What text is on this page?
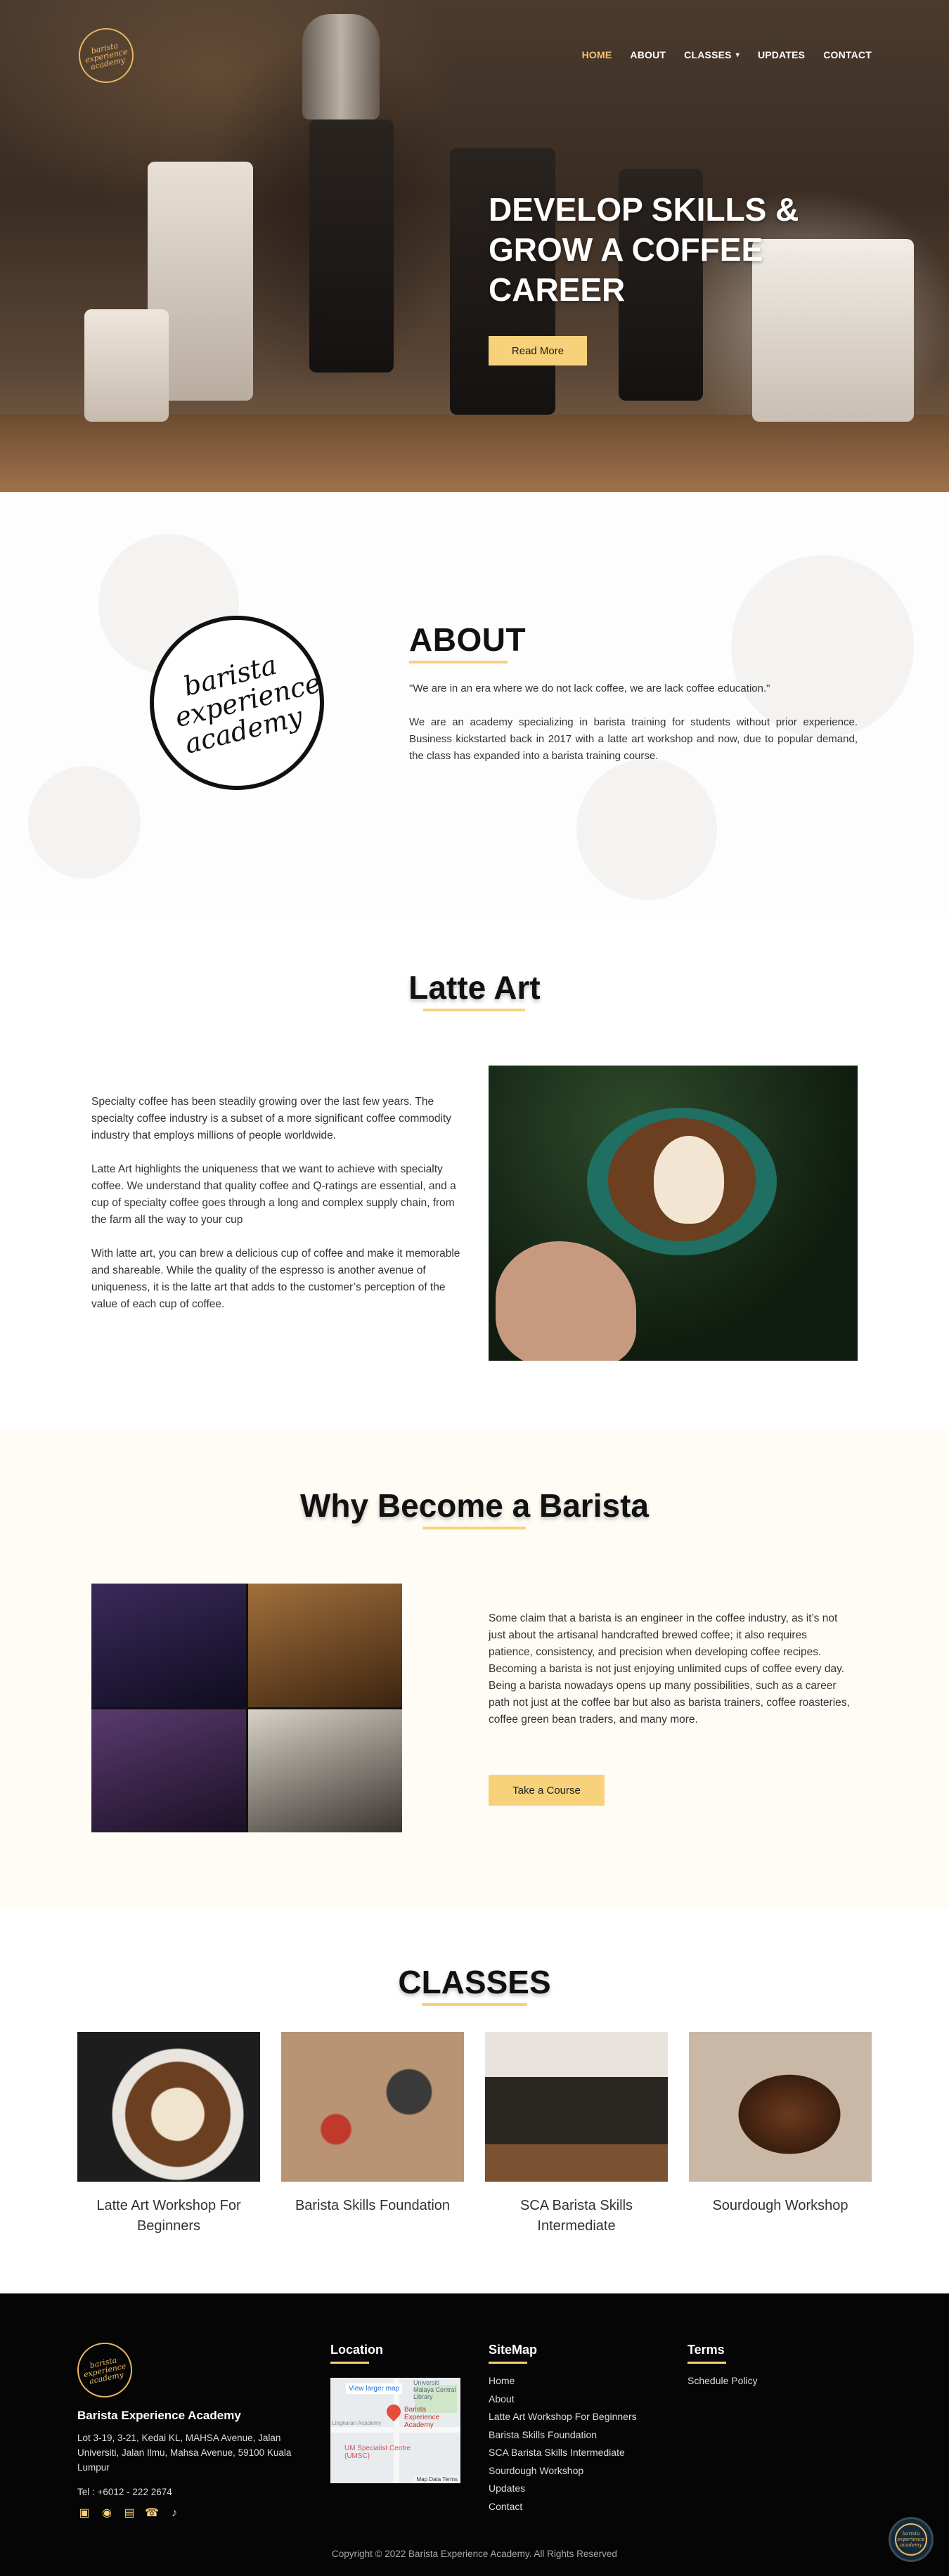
barista experience academy
HOME ABOUT CLASSES ▾ UPDATES CONTACT
DEVELOP SKILLS & GROW A COFFEE CAREER
Read More
barista experience academy
ABOUT

"We are in an era where we do not lack coffee, we are lack coffee education."

We are an academy specializing in barista training for students without prior experience. Business kickstarted back in 2017 with a latte art workshop and now, due to popular demand, the class has expanded into a barista training course.

Latte Art

Specialty coffee has been steadily growing over the last few years. The specialty coffee industry is a subset of a more significant coffee commodity industry that employs millions of people worldwide.

Latte Art highlights the uniqueness that we want to achieve with specialty coffee. We understand that quality coffee and Q-ratings are essential, and a cup of specialty coffee goes through a long and complex supply chain, from the farm all the way to your cup

With latte art, you can brew a delicious cup of coffee and make it memorable and shareable. While the quality of the espresso is another avenue of uniqueness, it is the latte art that adds to the customer’s perception of the value of each cup of coffee.

Why Become a Barista

Some claim that a barista is an engineer in the coffee industry, as it’s not just about the artisanal handcrafted brewed coffee; it also requires patience, consistency, and precision when developing coffee recipes. Becoming a barista is not just enjoying unlimited cups of coffee every day. Being a barista nowadays opens up many possibilities, such as a career path not just at the coffee bar but also as barista trainers, coffee roasteries, coffee green bean traders, and many more.

Take a Course
CLASSES
Latte Art Workshop For Beginners
Barista Skills Foundation	SCA Barista Skills Intermediate
Sourdough Workshop
barista experience academy
Barista Experience Academy
Lot 3-19, 3-21, Kedai KL, MAHSA Avenue, Jalan Universiti, Jalan Ilmu, Mahsa Avenue, 59100 Kuala Lumpur
Tel : +6012 - 222 2674
▣ ◉ ▤ ☎	♪
Location
Universiti Malaya Central Library
View larger map
Lingkaran Academy
Barista Experience Academy
UM Specialist Centre (UMSC)
Map Data Terms
SiteMap
Home
About
Latte Art Workshop For Beginners
Barista Skills Foundation
SCA Barista Skills Intermediate
Sourdough Workshop
Updates
Contact
Terms
Schedule Policy
Copyright © 2022 Barista Experience Academy. All Rights Reserved
barista experience academy
